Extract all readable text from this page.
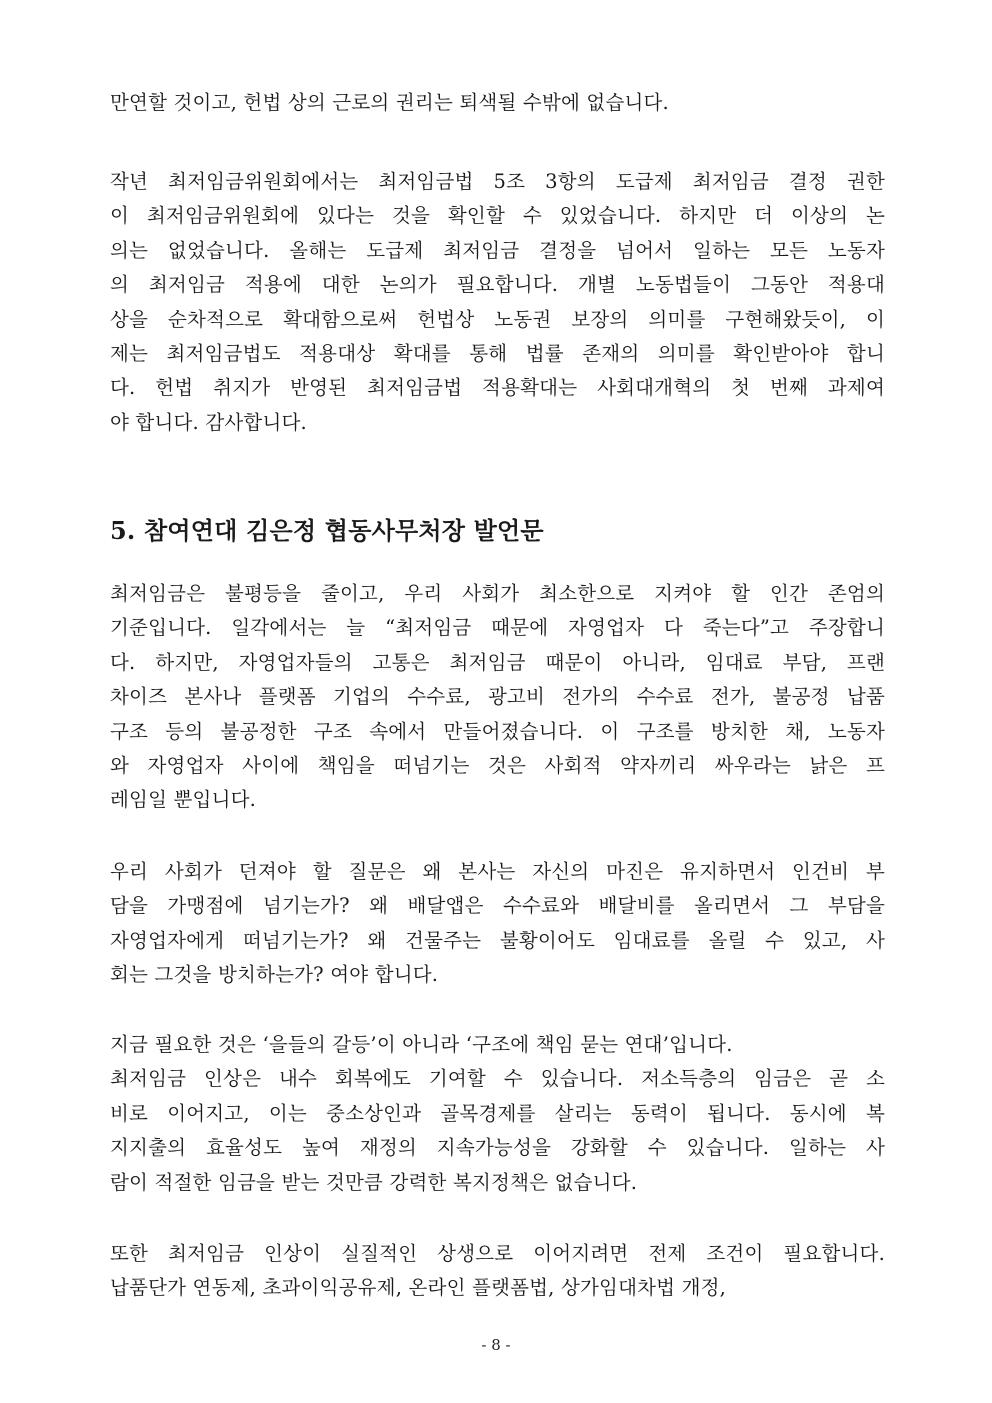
만연할 것이고, 헌법 상의 근로의 권리는 퇴색될 수밖에 없습니다.
작년 최저임금위원회에서는 최저임금법 5조 3항의 도급제 최저임금 결정 권한
이 최저임금위원회에 있다는 것을 확인할 수 있었습니다. 하지만 더 이상의 논
의는 없었습니다. 올해는 도급제 최저임금 결정을 넘어서 일하는 모든 노동자
의 최저임금 적용에 대한 논의가 필요합니다. 개별 노동법들이 그동안 적용대
상을 순차적으로 확대함으로써 헌법상 노동권 보장의 의미를 구현해왔듯이, 이
제는 최저임금법도 적용대상 확대를 통해 법률 존재의 의미를 확인받아야 합니
다. 헌법 취지가 반영된 최저임금법 적용확대는 사회대개혁의 첫 번째 과제여
야 합니다. 감사합니다.
5. 참여연대 김은정 협동사무처장 발언문
최저임금은 불평등을 줄이고, 우리 사회가 최소한으로 지켜야 할 인간 존엄의
기준입니다. 일각에서는 늘 “최저임금 때문에 자영업자 다 죽는다”고 주장합니
다. 하지만, 자영업자들의 고통은 최저임금 때문이 아니라, 임대료 부담, 프랜
차이즈 본사나 플랫폼 기업의 수수료, 광고비 전가의 수수료 전가, 불공정 납품
구조 등의 불공정한 구조 속에서 만들어졌습니다. 이 구조를 방치한 채, 노동자
와 자영업자 사이에 책임을 떠넘기는 것은 사회적 약자끼리 싸우라는 낡은 프
레임일 뿐입니다.
우리 사회가 던져야 할 질문은 왜 본사는 자신의 마진은 유지하면서 인건비 부
담을 가맹점에 넘기는가? 왜 배달앱은 수수료와 배달비를 올리면서 그 부담을
자영업자에게 떠넘기는가? 왜 건물주는 불황이어도 임대료를 올릴 수 있고, 사
회는 그것을 방치하는가? 여야 합니다.
지금 필요한 것은 ‘을들의 갈등’이 아니라 ‘구조에 책임 묻는 연대’입니다.
최저임금 인상은 내수 회복에도 기여할 수 있습니다. 저소득층의 임금은 곧 소
비로 이어지고, 이는 중소상인과 골목경제를 살리는 동력이 됩니다. 동시에 복
지지출의 효율성도 높여 재정의 지속가능성을 강화할 수 있습니다. 일하는 사
람이 적절한 임금을 받는 것만큼 강력한 복지정책은 없습니다.
또한 최저임금 인상이 실질적인 상생으로 이어지려면 전제 조건이 필요합니다.
납품단가 연동제, 초과이익공유제, 온라인 플랫폼법, 상가임대차법 개정,
- 8 -
